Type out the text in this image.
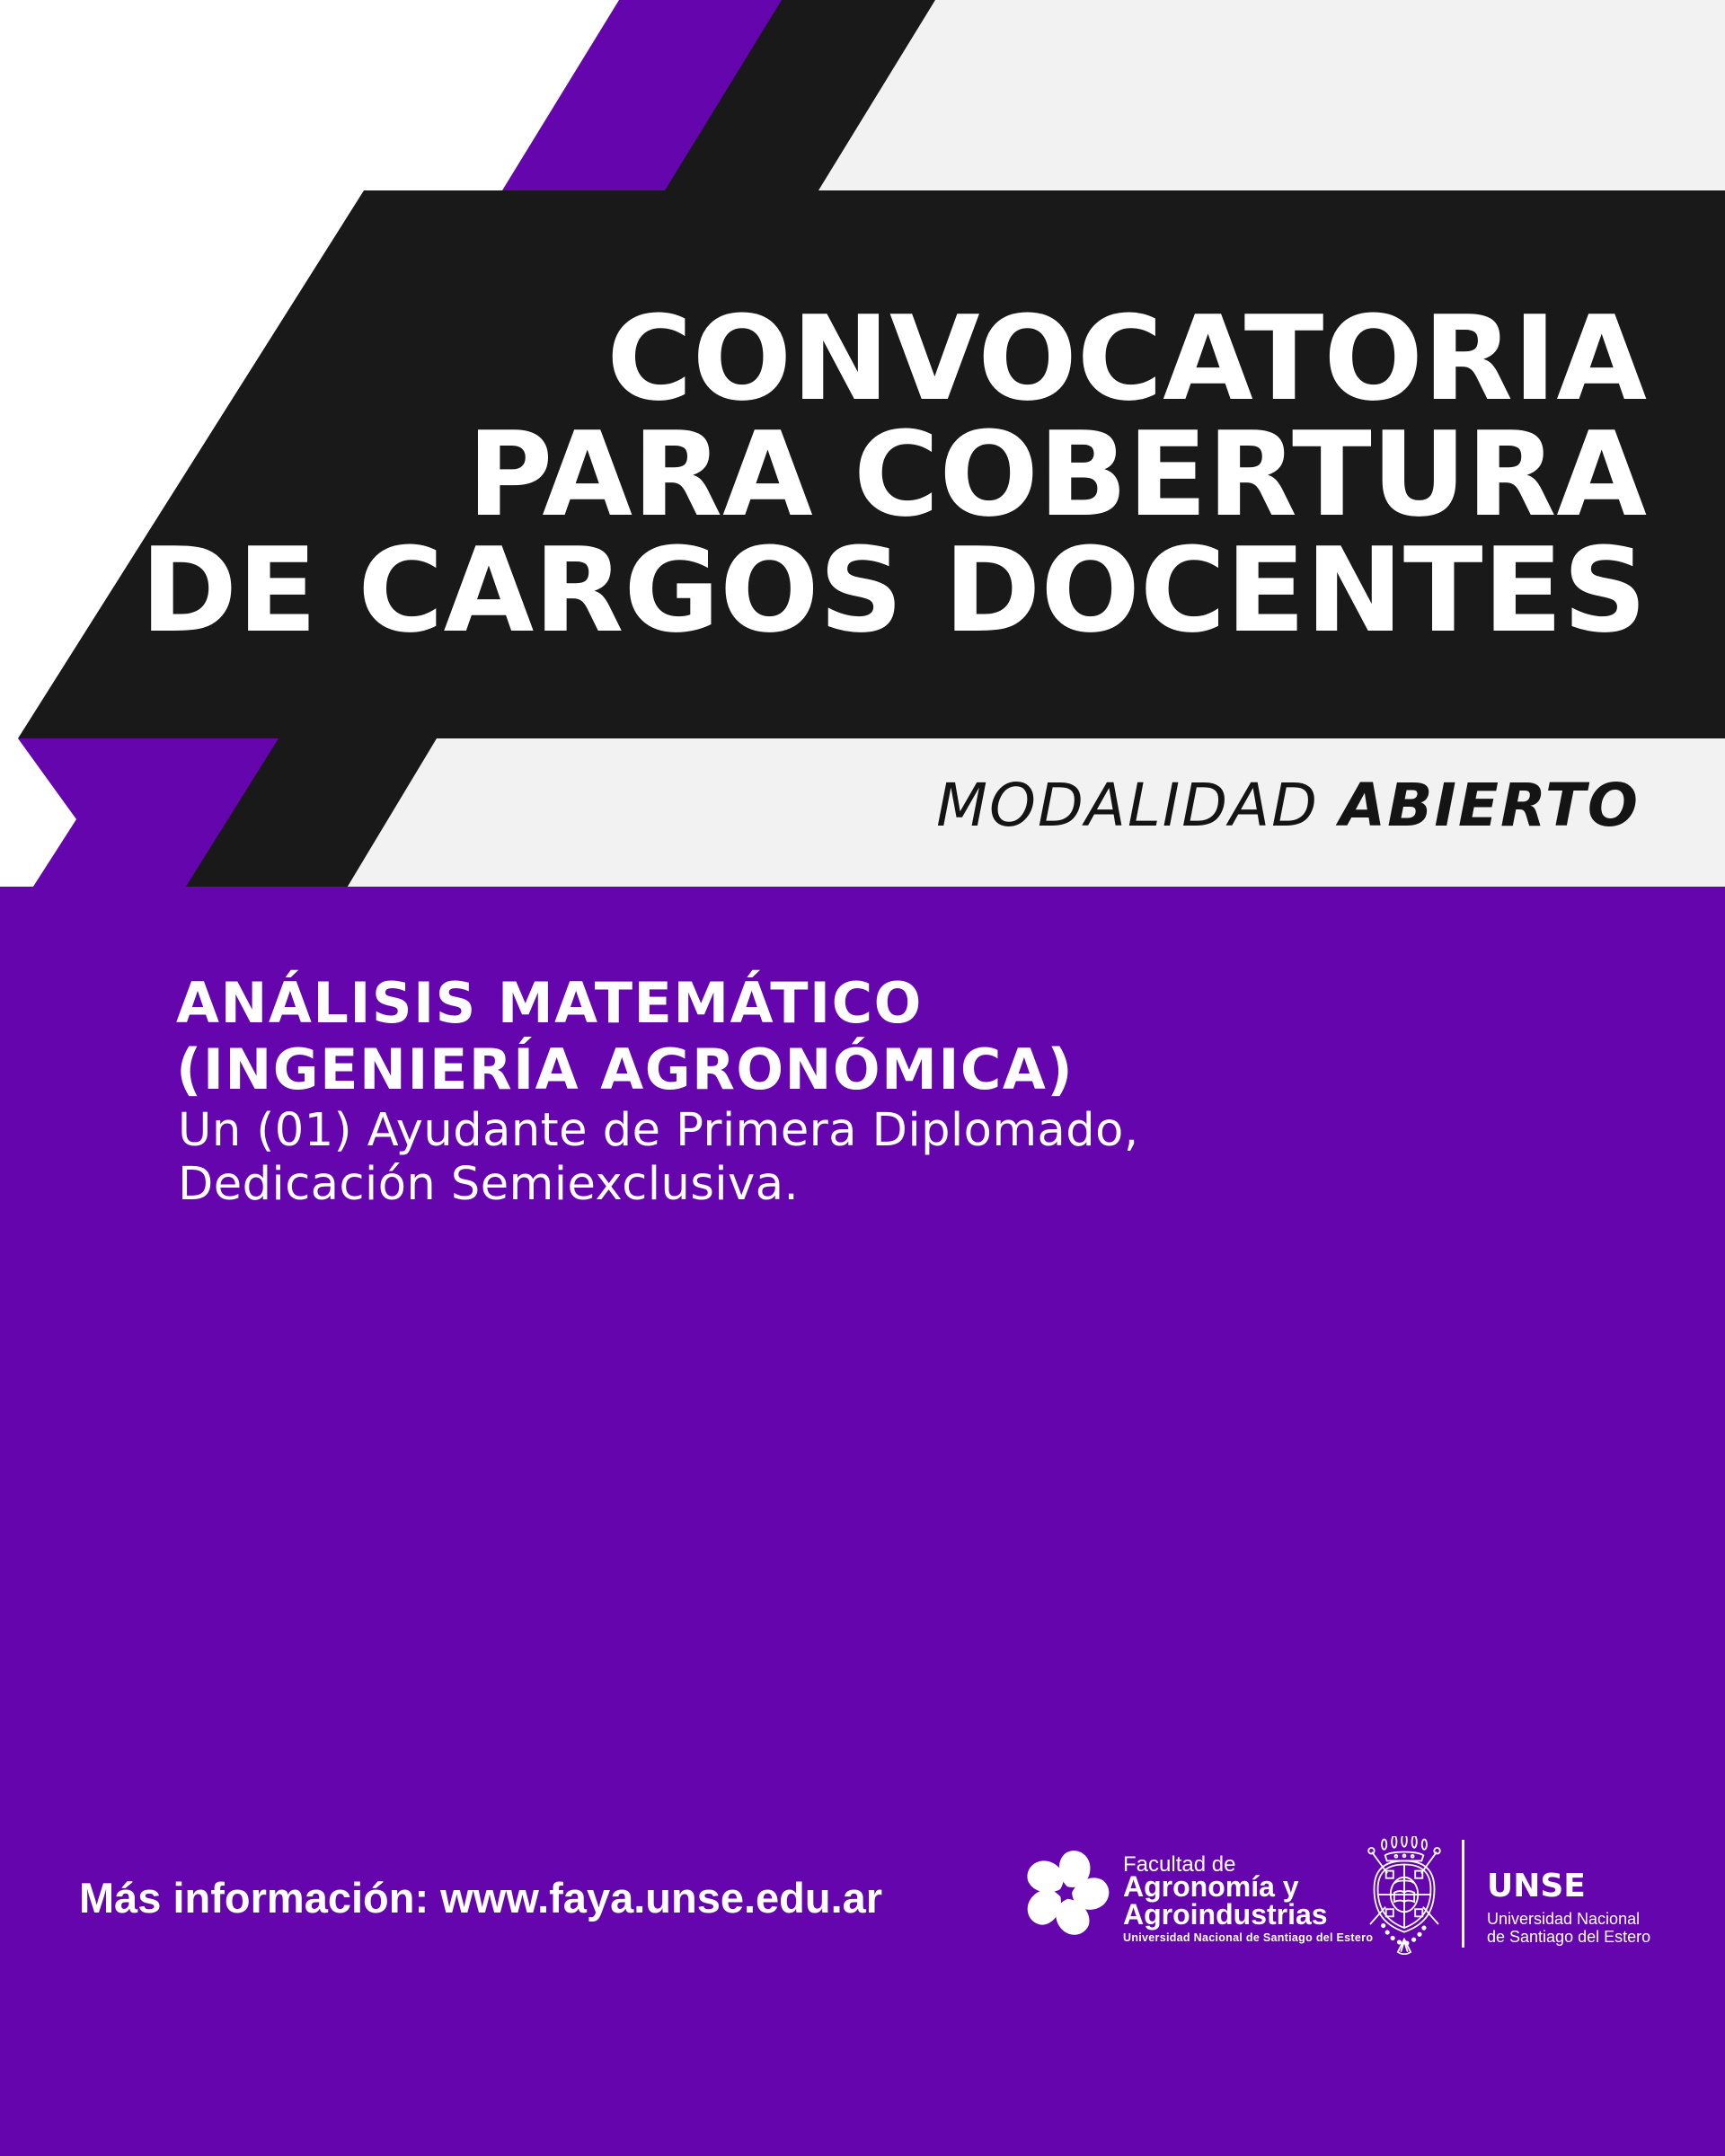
CONVOCATORIA
PARA COBERTURA
DE CARGOS DOCENTES
MODALIDAD ABIERTO
ANÁLISIS MATEMÁTICO
(INGENIERÍA AGRONÓMICA)
Un (01) Ayudante de Primera Diplomado,
Dedicación Semiexclusiva.
Más información: www.faya.unse.edu.ar
Facultad de
Agronomía y
Agroindustrias
Universidad Nacional de Santiago del Estero
UNSE
Universidad Nacional
de Santiago del Estero
